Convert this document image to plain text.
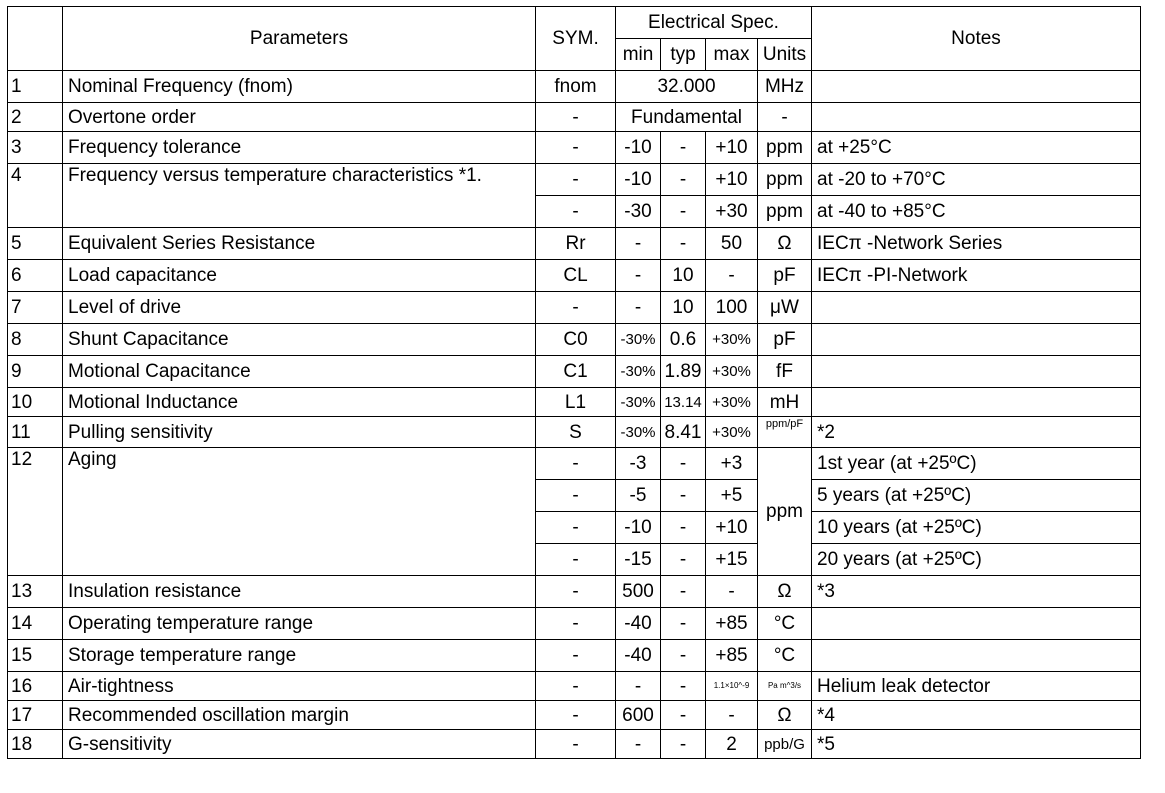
	Parameters	SYM.	Electrical Spec.				Notes
			min	typ	max	Units	
1	Nominal Frequency (fnom)	fnom	32.000			MHz	
2	Overtone order	-	Fundamental			-	
3	Frequency tolerance	-	-10	-	+10	ppm	at +25°C
4	Frequency versus temperature characteristics *1.	-	-10	-	+10	ppm	at -20 to +70°C
		-	-30	-	+30	ppm	at -40 to +85°C
5	Equivalent Series Resistance	Rr	-	-	50	Ω	IECπ -Network Series
6	Load capacitance	CL	-	10	-	pF	IECπ -PI-Network
7	Level of drive	-	-	10	100	μW	
8	Shunt Capacitance	C0	-30%	0.6	+30%	pF	
9	Motional Capacitance	C1	-30%	1.89	+30%	fF	
10	Motional Inductance	L1	-30%	13.14	+30%	mH	
11	Pulling sensitivity	S	-30%	8.41	+30%	ppm/pF	*2
12	Aging	-	-3	-	+3	ppm	1st year (at +25ºC)
		-	-5	-	+5		5 years (at +25ºC)
		-	-10	-	+10		10 years (at +25ºC)
		-	-15	-	+15		20 years (at +25ºC)
13	Insulation resistance	-	500	-	-	Ω	*3
14	Operating temperature range	-	-40	-	+85	°C	
15	Storage temperature range	-	-40	-	+85	°C	
16	Air-tightness	-	-	-	1.1×10^-9	Pa m^3/s	Helium leak detector
17	Recommended oscillation margin	-	600	-	-	Ω	*4
18	G-sensitivity	-	-	-	2	ppb/G	*5
